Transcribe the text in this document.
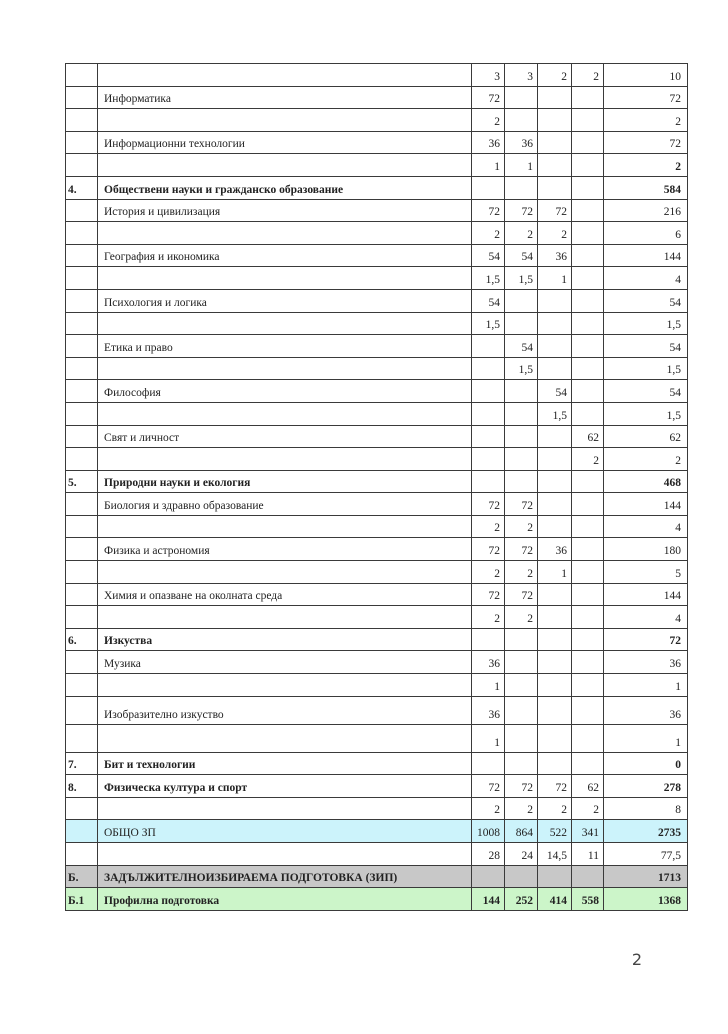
		3	3	2	2	10
	Информатика	72				72
		2				2
	Информационни технологии	36	36			72
		1	1			2
4.	Обществени науки и гражданско образование					584
	История и цивилизация	72	72	72		216
		2	2	2		6
	География и икономика	54	54	36		144
		1,5	1,5	1		4
	Психология и логика	54				54
		1,5				1,5
	Етика и право		54			54
			1,5			1,5
	Философия			54		54
				1,5		1,5
	Свят и личност				62	62
					2	2
5.	Природни науки и екология					468
	Биология и здравно образование	72	72			144
		2	2			4
	Физика и астрономия	72	72	36		180
		2	2	1		5
	Химия и опазване на околната среда	72	72			144
		2	2			4
6.	Изкуства					72
	Музика	36				36
		1				1
	Изобразително изкуство	36				36
		1				1
7.	Бит и технологии					0
8.	Физическа култура и спорт	72	72	72	62	278
		2	2	2	2	8
	ОБЩО ЗП	1008	864	522	341	2735
		28	24	14,5	11	77,5
Б.	ЗАДЪЛЖИТЕЛНОИЗБИРАЕМА ПОДГОТОВКА (ЗИП)					1713
Б.1	Профилна подготовка	144	252	414	558	1368
2
